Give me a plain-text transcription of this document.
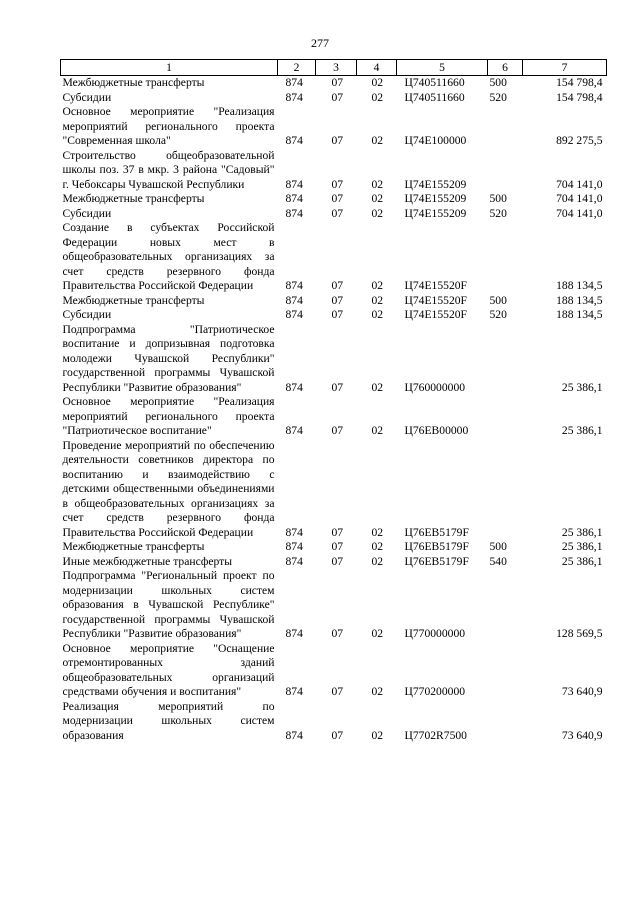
277
1	2	3	4	5	6	7
Межбюджетные трансферты	874	07	02	Ц740511660	500	154 798,4
Субсидии	874	07	02	Ц740511660	520	154 798,4
Основное мероприятие "Реализация мероприятий регионального проекта "Современная школа"	874	07	02	Ц74Е100000		892 275,5
Строительство общеобразовательной школы поз. 37 в мкр. 3 района "Садовый" г. Чебоксары Чувашской Республики	874	07	02	Ц74Е155209		704 141,0
Межбюджетные трансферты	874	07	02	Ц74Е155209	500	704 141,0
Субсидии	874	07	02	Ц74Е155209	520	704 141,0
Создание в субъектах Российской Федерации новых мест в общеобразовательных организациях за счет средств резервного фонда Правительства Российской Федерации	874	07	02	Ц74Е15520F		188 134,5
Межбюджетные трансферты	874	07	02	Ц74Е15520F	500	188 134,5
Субсидии	874	07	02	Ц74Е15520F	520	188 134,5
Подпрограмма "Патриотическое воспитание и допризывная подготовка молодежи Чувашской Республики" государственной программы Чувашской Республики "Развитие образования"	874	07	02	Ц760000000		25 386,1
Основное мероприятие "Реализация мероприятий регионального проекта "Патриотическое воспитание"	874	07	02	Ц76ЕВ00000		25 386,1
Проведение мероприятий по обеспечению деятельности советников директора по воспитанию и взаимодействию с детскими общественными объединениями в общеобразовательных организациях за счет средств резервного фонда Правительства Российской Федерации	874	07	02	Ц76ЕВ5179F		25 386,1
Межбюджетные трансферты	874	07	02	Ц76ЕВ5179F	500	25 386,1
Иные межбюджетные трансферты	874	07	02	Ц76ЕВ5179F	540	25 386,1
Подпрограмма "Региональный проект по модернизации школьных систем образования в Чувашской Республике" государственной программы Чувашской Республики "Развитие образования"	874	07	02	Ц770000000		128 569,5
Основное мероприятие "Оснащение отремонтированных зданий общеобразовательных организаций средствами обучения и воспитания"	874	07	02	Ц770200000		73 640,9
Реализация мероприятий по модернизации школьных систем образования	874	07	02	Ц7702R7500		73 640,9
